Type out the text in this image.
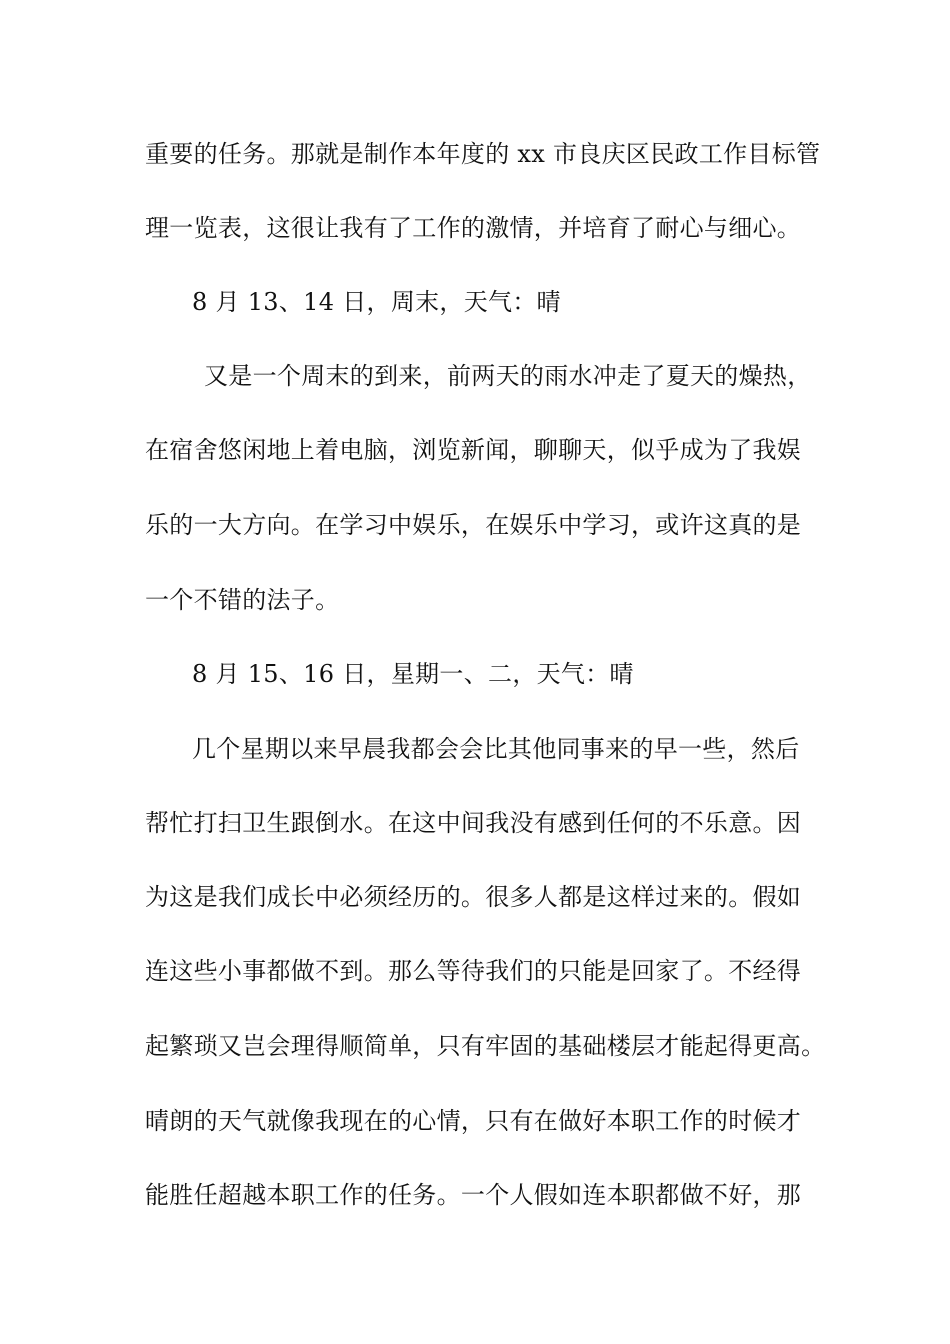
重要的任务。那就是制作本年度的 xx 市良庆区民政工作目标管
理一览表，这很让我有了工作的激情，并培育了耐心与细心。
8 月 13、14 日，周末，天气：晴
又是一个周末的到来，前两天的雨水冲走了夏天的燥热，
在宿舍悠闲地上着电脑，浏览新闻，聊聊天，似乎成为了我娱
乐的一大方向。在学习中娱乐，在娱乐中学习，或许这真的是
一个不错的法子。
8 月 15、16 日，星期一、二，天气：晴
几个星期以来早晨我都会会比其他同事来的早一些，然后
帮忙打扫卫生跟倒水。在这中间我没有感到任何的不乐意。因
为这是我们成长中必须经历的。很多人都是这样过来的。假如
连这些小事都做不到。那么等待我们的只能是回家了。不经得
起繁琐又岂会理得顺简单，只有牢固的基础楼层才能起得更高。
晴朗的天气就像我现在的心情，只有在做好本职工作的时候才
能胜任超越本职工作的任务。一个人假如连本职都做不好，那
